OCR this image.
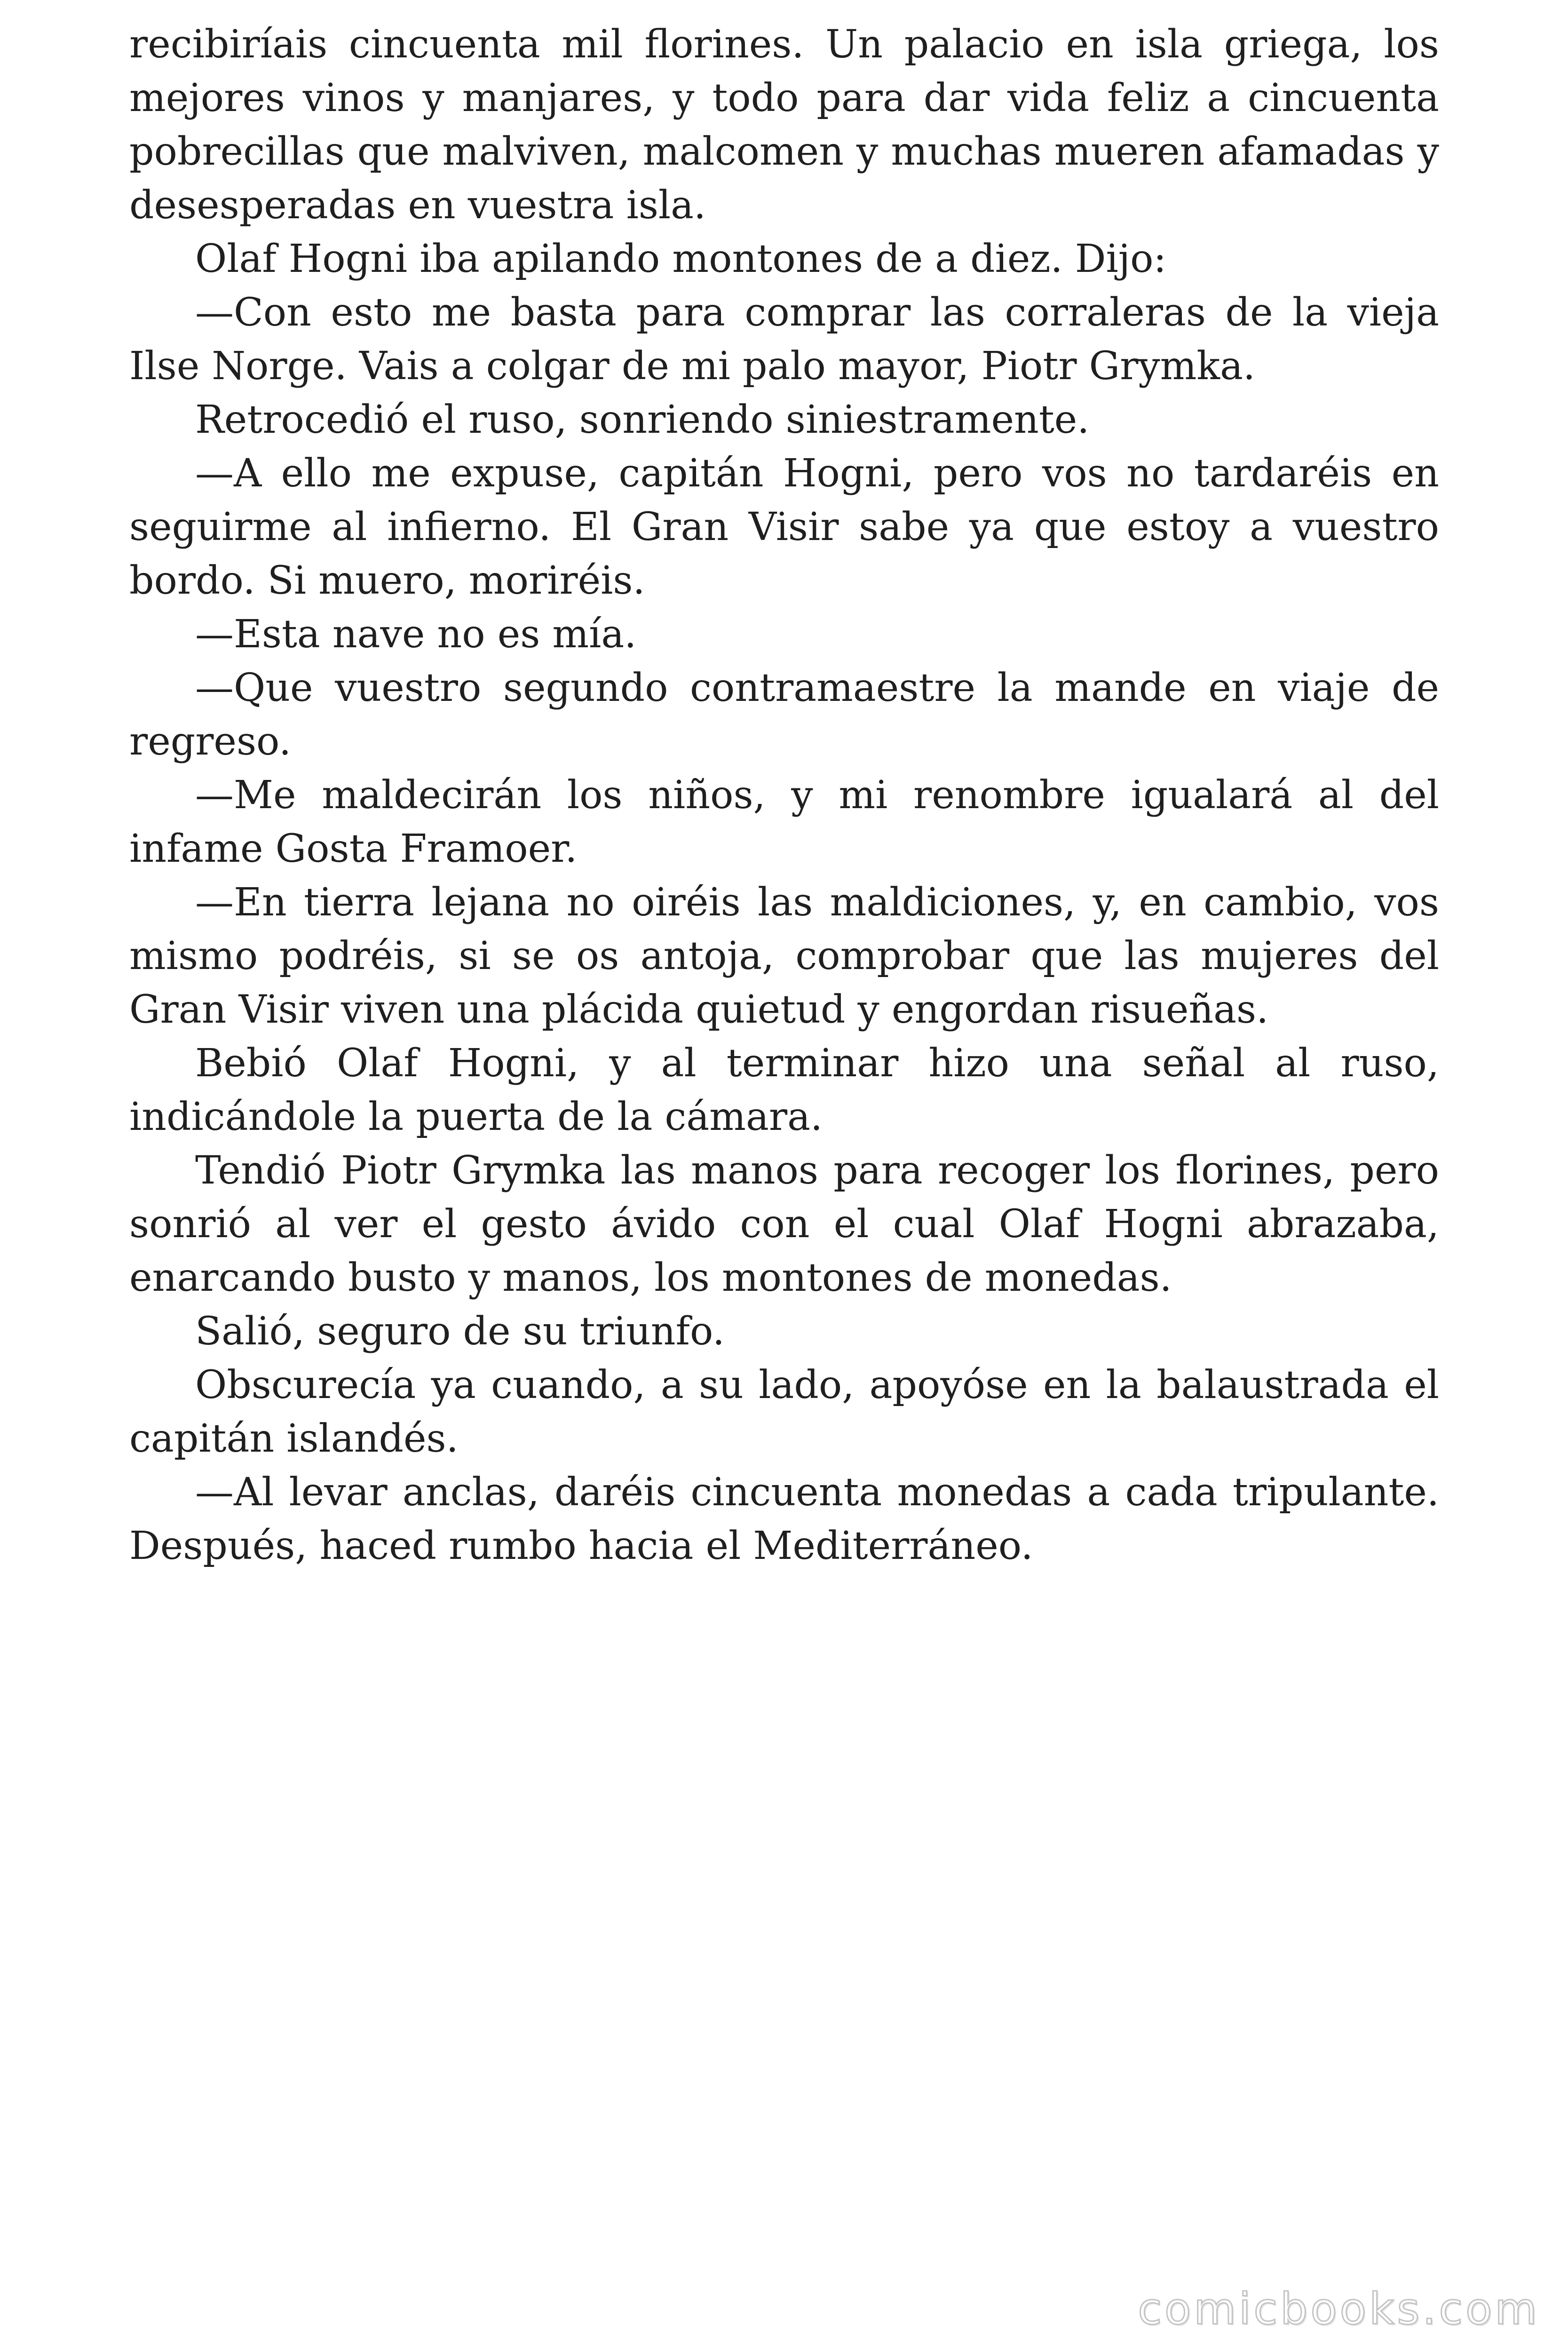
recibiríais cincuenta mil florines. Un palacio en isla griega, los mejores vinos y manjares, y todo para dar vida feliz a cincuenta pobrecillas que malviven, malcomen y muchas mueren afamadas y desesperadas en vuestra isla.

Olaf Hogni iba apilando montones de a diez. Dijo:

—Con esto me basta para comprar las corraleras de la vieja Ilse Norge. Vais a colgar de mi palo mayor, Piotr Grymka.

Retrocedió el ruso, sonriendo siniestramente.

—A ello me expuse, capitán Hogni, pero vos no tardaréis en seguirme al infierno. El Gran Visir sabe ya que estoy a vuestro bordo. Si muero, moriréis.

—Esta nave no es mía.

—Que vuestro segundo contramaestre la mande en viaje de regreso.

—Me maldecirán los niños, y mi renombre igualará al del infame Gosta Framoer.

—En tierra lejana no oiréis las maldiciones, y, en cambio, vos mismo podréis, si se os antoja, comprobar que las mujeres del Gran Visir viven una plácida quietud y engordan risueñas.

Bebió Olaf Hogni, y al terminar hizo una señal al ruso, indicándole la puerta de la cámara.

Tendió Piotr Grymka las manos para recoger los florines, pero sonrió al ver el gesto ávido con el cual Olaf Hogni abrazaba, enarcando busto y manos, los montones de monedas.

Salió, seguro de su triunfo.

Obscurecía ya cuando, a su lado, apoyóse en la balaustrada el capitán islandés.

—Al levar anclas, daréis cincuenta monedas a cada tripulante. Después, haced rumbo hacia el Mediterráneo.

comicbooks.com
